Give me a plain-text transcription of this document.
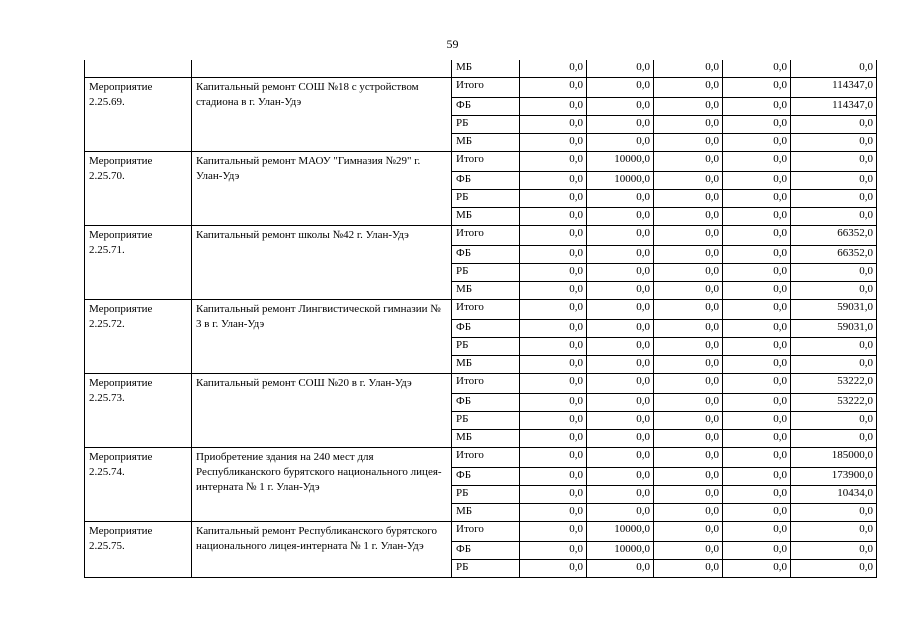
59
		МБ	0,0	0,0	0,0	0,0	0,0
Мероприятие 2.25.69.	Капитальный ремонт СОШ №18 с устройством стадиона в г. Улан-Удэ	Итого	0,0	0,0	0,0	0,0	114347,0
		ФБ	0,0	0,0	0,0	0,0	114347,0
		РБ	0,0	0,0	0,0	0,0	0,0
		МБ	0,0	0,0	0,0	0,0	0,0
Мероприятие 2.25.70.	Капитальный ремонт МАОУ "Гимназия №29" г. Улан-Удэ	Итого	0,0	10000,0	0,0	0,0	0,0
		ФБ	0,0	10000,0	0,0	0,0	0,0
		РБ	0,0	0,0	0,0	0,0	0,0
		МБ	0,0	0,0	0,0	0,0	0,0
Мероприятие 2.25.71.	Капитальный ремонт школы №42 г. Улан-Удэ	Итого	0,0	0,0	0,0	0,0	66352,0
		ФБ	0,0	0,0	0,0	0,0	66352,0
		РБ	0,0	0,0	0,0	0,0	0,0
		МБ	0,0	0,0	0,0	0,0	0,0
Мероприятие 2.25.72.	Капитальный ремонт Лингвистической гимназии № 3 в г. Улан-Удэ	Итого	0,0	0,0	0,0	0,0	59031,0
		ФБ	0,0	0,0	0,0	0,0	59031,0
		РБ	0,0	0,0	0,0	0,0	0,0
		МБ	0,0	0,0	0,0	0,0	0,0
Мероприятие 2.25.73.	Капитальный ремонт СОШ №20 в г. Улан-Удэ	Итого	0,0	0,0	0,0	0,0	53222,0
		ФБ	0,0	0,0	0,0	0,0	53222,0
		РБ	0,0	0,0	0,0	0,0	0,0
		МБ	0,0	0,0	0,0	0,0	0,0
Мероприятие 2.25.74.	Приобретение здания на 240 мест для Республиканского бурятского национального лицея-интерната № 1 г. Улан-Удэ	Итого	0,0	0,0	0,0	0,0	185000,0
		ФБ	0,0	0,0	0,0	0,0	173900,0
		РБ	0,0	0,0	0,0	0,0	10434,0
		МБ	0,0	0,0	0,0	0,0	0,0
Мероприятие 2.25.75.	Капитальный ремонт Республиканского бурятского национального лицея-интерната № 1 г. Улан-Удэ	Итого	0,0	10000,0	0,0	0,0	0,0
		ФБ	0,0	10000,0	0,0	0,0	0,0
		РБ	0,0	0,0	0,0	0,0	0,0
